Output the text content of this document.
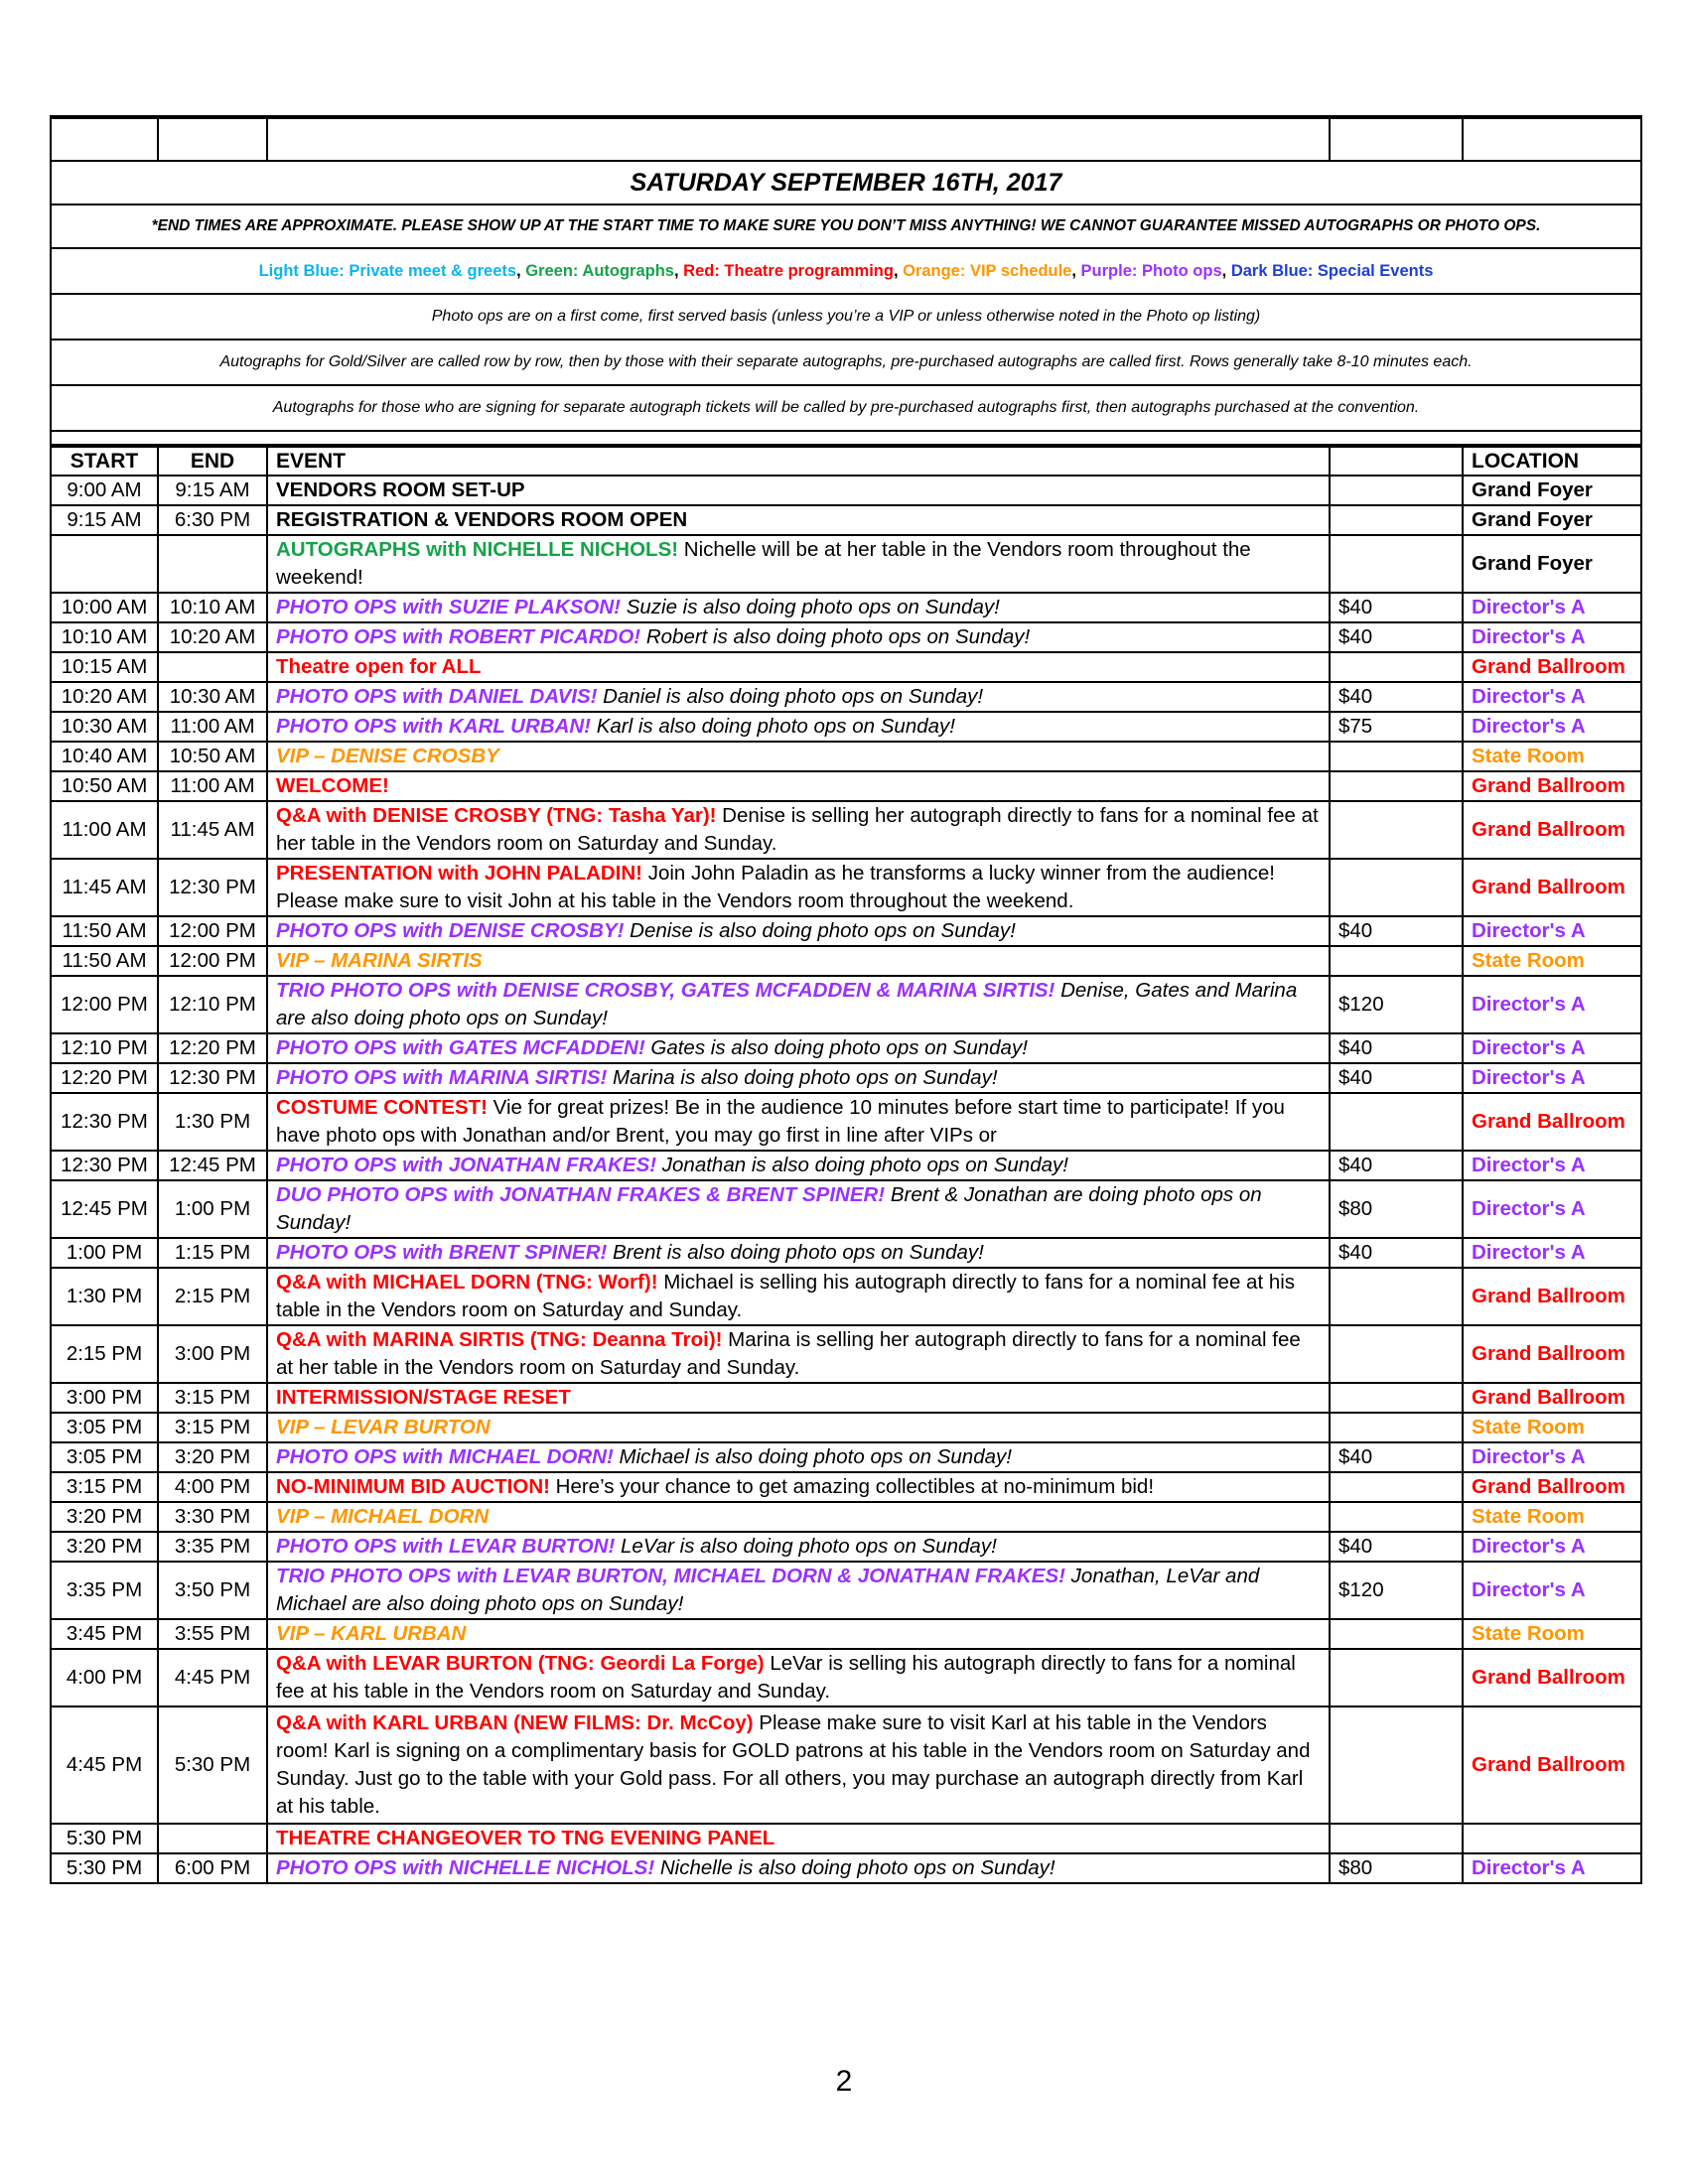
SATURDAY SEPTEMBER 16TH, 2017				
*END TIMES ARE APPROXIMATE. PLEASE SHOW UP AT THE START TIME TO MAKE SURE YOU DON’T MISS ANYTHING! WE CANNOT GUARANTEE MISSED AUTOGRAPHS OR PHOTO OPS.				
Light Blue: Private meet & greets, Green: Autographs, Red: Theatre programming, Orange: VIP schedule, Purple: Photo ops, Dark Blue: Special Events				
Photo ops are on a first come, first served basis (unless you’re a VIP or unless otherwise noted in the Photo op listing)				
Autographs for Gold/Silver are called row by row, then by those with their separate autographs, pre-purchased autographs are called first. Rows generally take 8-10 minutes each.				
Autographs for those who are signing for separate autograph tickets will be called by pre-purchased autographs first, then autographs purchased at the convention.				

START	END	EVENT		LOCATION
9:00 AM	9:15 AM	VENDORS ROOM SET-UP		Grand Foyer
9:15 AM	6:30 PM	REGISTRATION & VENDORS ROOM OPEN		Grand Foyer
		AUTOGRAPHS with NICHELLE NICHOLS! Nichelle will be at her table in the Vendors room throughout the weekend!		Grand Foyer
10:00 AM	10:10 AM	PHOTO OPS with SUZIE PLAKSON! Suzie is also doing photo ops on Sunday!	$40	Director's A
10:10 AM	10:20 AM	PHOTO OPS with ROBERT PICARDO! Robert is also doing photo ops on Sunday!	$40	Director's A
10:15 AM		Theatre open for ALL		Grand Ballroom
10:20 AM	10:30 AM	PHOTO OPS with DANIEL DAVIS! Daniel is also doing photo ops on Sunday!	$40	Director's A
10:30 AM	11:00 AM	PHOTO OPS with KARL URBAN! Karl is also doing photo ops on Sunday!	$75	Director's A
10:40 AM	10:50 AM	VIP – DENISE CROSBY		State Room
10:50 AM	11:00 AM	WELCOME!		Grand Ballroom
11:00 AM	11:45 AM	Q&A with DENISE CROSBY (TNG: Tasha Yar)! Denise is selling her autograph directly to fans for a nominal fee at her table in the Vendors room on Saturday and Sunday.		Grand Ballroom
11:45 AM	12:30 PM	PRESENTATION with JOHN PALADIN! Join John Paladin as he transforms a lucky winner from the audience! Please make sure to visit John at his table in the Vendors room throughout the weekend.		Grand Ballroom
11:50 AM	12:00 PM	PHOTO OPS with DENISE CROSBY! Denise is also doing photo ops on Sunday!	$40	Director's A
11:50 AM	12:00 PM	VIP – MARINA SIRTIS		State Room
12:00 PM	12:10 PM	TRIO PHOTO OPS with DENISE CROSBY, GATES MCFADDEN & MARINA SIRTIS! Denise, Gates and Marina are also doing photo ops on Sunday!	$120	Director's A
12:10 PM	12:20 PM	PHOTO OPS with GATES MCFADDEN! Gates is also doing photo ops on Sunday!	$40	Director's A
12:20 PM	12:30 PM	PHOTO OPS with MARINA SIRTIS! Marina is also doing photo ops on Sunday!	$40	Director's A
12:30 PM	1:30 PM	COSTUME CONTEST! Vie for great prizes! Be in the audience 10 minutes before start time to participate! If you have photo ops with Jonathan and/or Brent, you may go first in line after VIPs or		Grand Ballroom
12:30 PM	12:45 PM	PHOTO OPS with JONATHAN FRAKES! Jonathan is also doing photo ops on Sunday!	$40	Director's A
12:45 PM	1:00 PM	DUO PHOTO OPS with JONATHAN FRAKES & BRENT SPINER! Brent & Jonathan are doing photo ops on Sunday!	$80	Director's A
1:00 PM	1:15 PM	PHOTO OPS with BRENT SPINER! Brent is also doing photo ops on Sunday!	$40	Director's A
1:30 PM	2:15 PM	Q&A with MICHAEL DORN (TNG: Worf)! Michael is selling his autograph directly to fans for a nominal fee at his table in the Vendors room on Saturday and Sunday.		Grand Ballroom
2:15 PM	3:00 PM	Q&A with MARINA SIRTIS (TNG: Deanna Troi)! Marina is selling her autograph directly to fans for a nominal fee at her table in the Vendors room on Saturday and Sunday.		Grand Ballroom
3:00 PM	3:15 PM	INTERMISSION/STAGE RESET		Grand Ballroom
3:05 PM	3:15 PM	VIP – LEVAR BURTON		State Room
3:05 PM	3:20 PM	PHOTO OPS with MICHAEL DORN! Michael is also doing photo ops on Sunday!	$40	Director's A
3:15 PM	4:00 PM	NO-MINIMUM BID AUCTION! Here’s your chance to get amazing collectibles at no-minimum bid!		Grand Ballroom
3:20 PM	3:30 PM	VIP – MICHAEL DORN		State Room
3:20 PM	3:35 PM	PHOTO OPS with LEVAR BURTON! LeVar is also doing photo ops on Sunday!	$40	Director's A
3:35 PM	3:50 PM	TRIO PHOTO OPS with LEVAR BURTON, MICHAEL DORN & JONATHAN FRAKES! Jonathan, LeVar and Michael are also doing photo ops on Sunday!	$120	Director's A
3:45 PM	3:55 PM	VIP – KARL URBAN		State Room
4:00 PM	4:45 PM	Q&A with LEVAR BURTON (TNG: Geordi La Forge) LeVar is selling his autograph directly to fans for a nominal fee at his table in the Vendors room on Saturday and Sunday.		Grand Ballroom
4:45 PM	5:30 PM	Q&A with KARL URBAN (NEW FILMS: Dr. McCoy) Please make sure to visit Karl at his table in the Vendors room! Karl is signing on a complimentary basis for GOLD patrons at his table in the Vendors room on Saturday and Sunday. Just go to the table with your Gold pass. For all others, you may purchase an autograph directly from Karl at his table.		Grand Ballroom
5:30 PM		THEATRE CHANGEOVER TO TNG EVENING PANEL		
5:30 PM	6:00 PM	PHOTO OPS with NICHELLE NICHOLS! Nichelle is also doing photo ops on Sunday!	$80	Director's A
2
